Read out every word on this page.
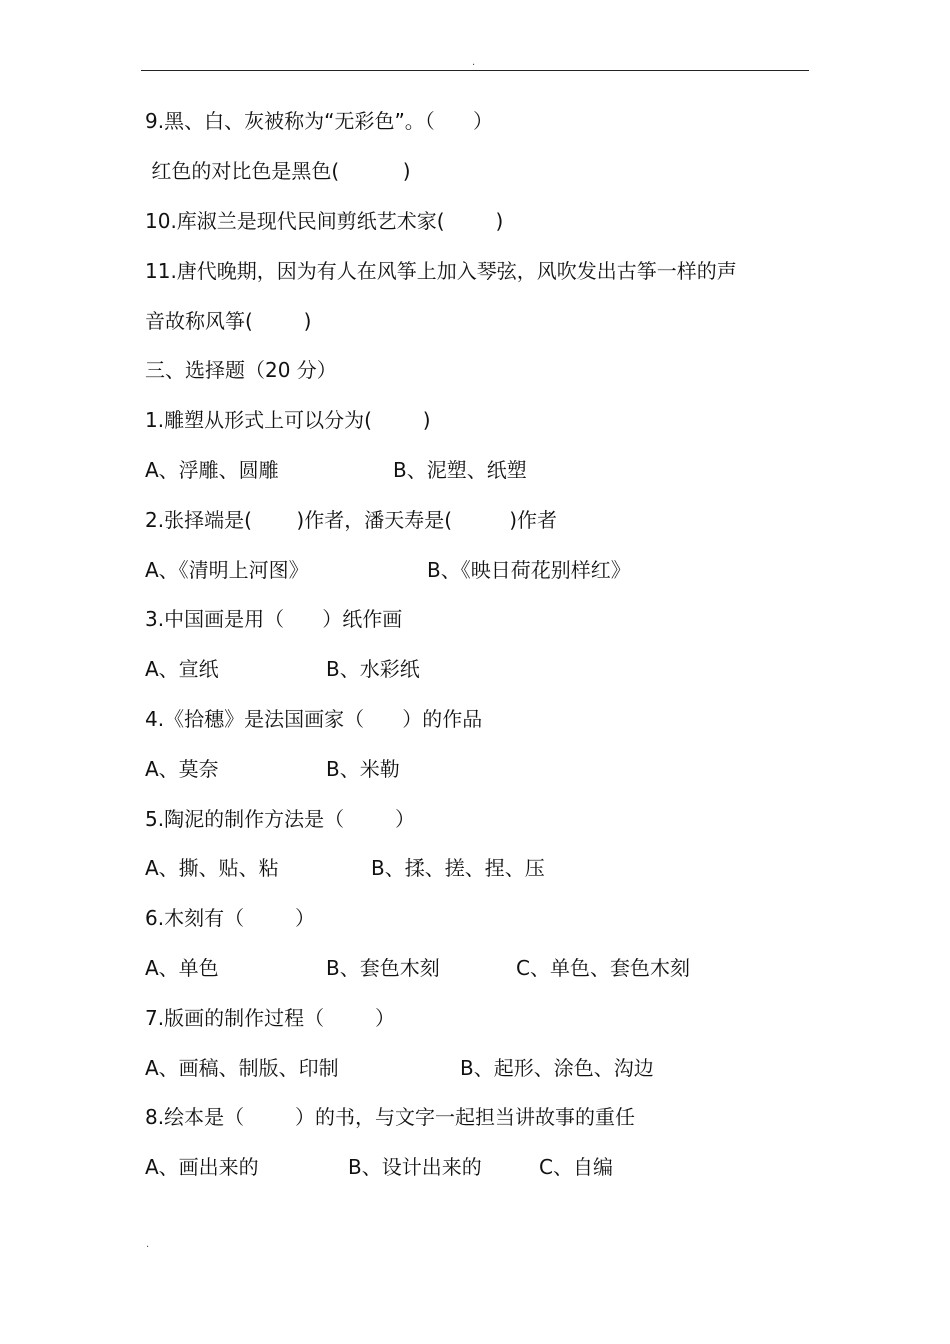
.
9.黑、白、灰被称为“无彩色”。（      ）
红色的对比色是黑色(          )
10.库淑兰是现代民间剪纸艺术家(        )
11.唐代晚期，因为有人在风筝上加入琴弦，风吹发出古筝一样的声
音故称风筝(        )
三、选择题（20 分）
1.雕塑从形式上可以分为(        )

A、浮雕、圆雕

	B、泥塑、纸塑

2.张择端是(       )作者，潘天寿是(         )作者

A、《清明上河图》

	B、《映日荷花别样红》

3.中国画是用（      ）纸作画

A、宣纸

	B、水彩纸

4.《拾穗》是法国画家（      ）的作品

A、莫奈

	B、米勒

5.陶泥的制作方法是（        ）

A、撕、贴、粘

	B、揉、搓、捏、压

6.木刻有（        ）

A、单色

	B、套色木刻

	C、单色、套色木刻

7.版画的制作过程（        ）

A、画稿、制版、印制

	B、起形、涂色、沟边

8.绘本是（        ）的书，与文字一起担当讲故事的重任

A、画出来的

	B、设计出来的

	C、自编

.
